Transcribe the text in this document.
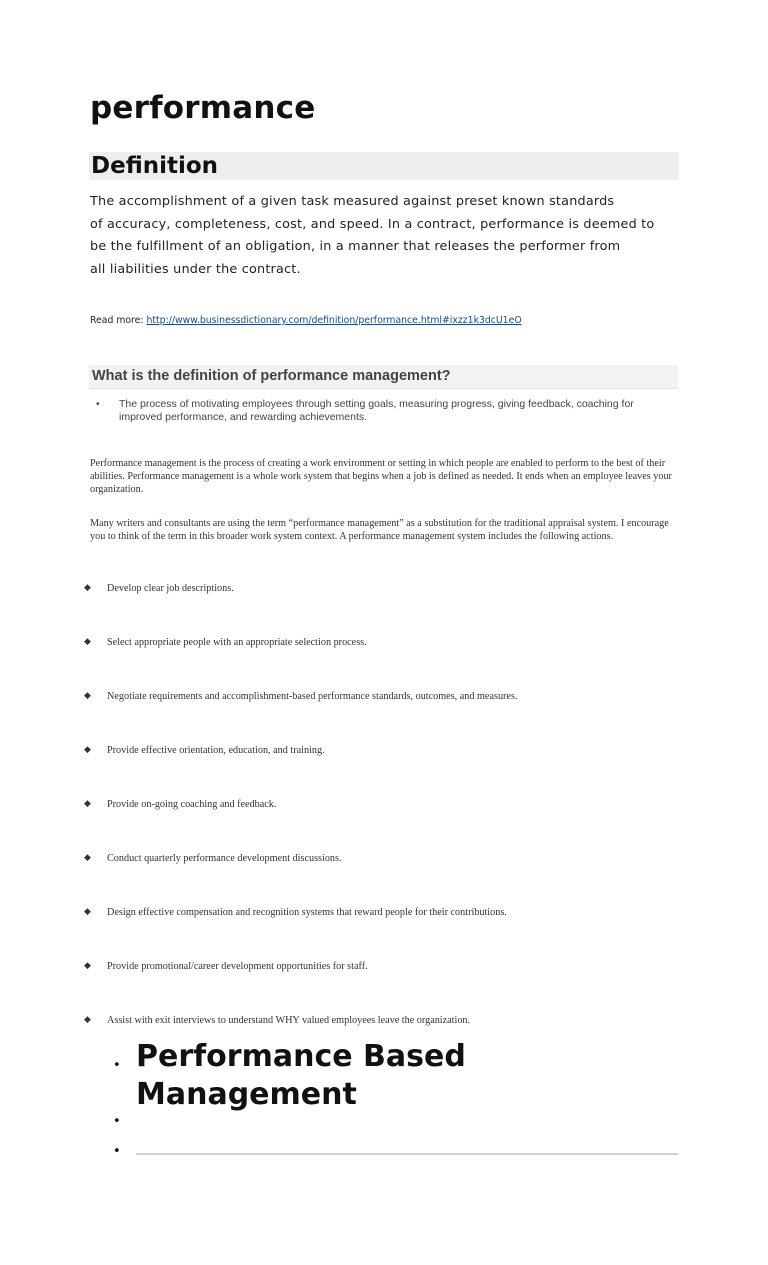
performance
Definition
The accomplishment of a given task measured against preset known standards
of accuracy, completeness, cost, and speed. In a contract, performance is deemed to
be the fulfillment of an obligation, in a manner that releases the performer from
all liabilities under the contract.
Read more: http://www.businessdictionary.com/definition/performance.html#ixzz1k3dcU1eO
What is the definition of performance management?
• The process of motivating employees through setting goals, measuring progress, giving feedback, coaching for improved performance, and rewarding achievements.
Performance management is the process of creating a work environment or setting in which people are enabled to perform to the best of their abilities. Performance management is a whole work system that begins when a job is defined as needed. It ends when an employee leaves your organization.
Many writers and consultants are using the term “performance management” as a substitution for the traditional appraisal system. I encourage you to think of the term in this broader work system context. A performance management system includes the following actions.
◆ Develop clear job descriptions.
◆ Select appropriate people with an appropriate selection process.
◆ Negotiate requirements and accomplishment-based performance standards, outcomes, and measures.
◆ Provide effective orientation, education, and training.
◆ Provide on-going coaching and feedback.
◆ Conduct quarterly performance development discussions.
◆ Design effective compensation and recognition systems that reward people for their contributions.
◆ Provide promotional/career development opportunities for staff.
◆ Assist with exit interviews to understand WHY valued employees leave the organization.
• Performance Based Management
•
•
